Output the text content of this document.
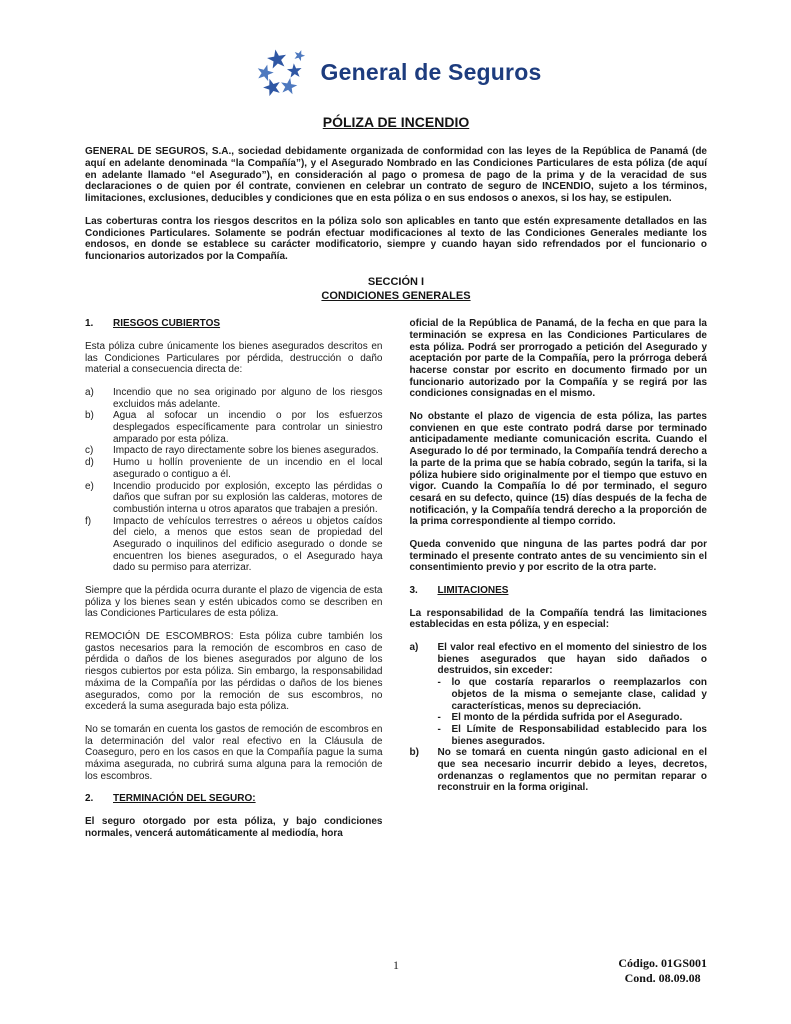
General de Seguros
PÓLIZA DE INCENDIO

GENERAL DE SEGUROS, S.A., sociedad debidamente organizada de conformidad con las leyes de la República de Panamá (de aquí en adelante denominada “la Compañía”), y el Asegurado Nombrado en las Condiciones Particulares de esta póliza (de aquí en adelante llamado “el Asegurado”), en consideración al pago o promesa de pago de la prima y de la veracidad de sus declaraciones o de quien por él contrate, convienen en celebrar un contrato de seguro de INCENDIO, sujeto a los términos, limitaciones, exclusiones, deducibles y condiciones que en esta póliza o en sus endosos o anexos, si los hay, se estipulen.

Las coberturas contra los riesgos descritos en la póliza solo son aplicables en tanto que estén expresamente detallados en las Condiciones Particulares. Solamente se podrán efectuar modificaciones al texto de las Condiciones Generales mediante los endosos, en donde se establece su carácter modificatorio, siempre y cuando hayan sido refrendados por el funcionario o funcionarios autorizados por la Compañía.

SECCIÓN I
CONDICIONES GENERALES
1.	RIESGOS CUBIERTOS

Esta póliza cubre únicamente los bienes asegurados descritos en las Condiciones Particulares por pérdida, destrucción o daño material a consecuencia directa de:

a)	Incendio que no sea originado por alguno de los riesgos excluidos más adelante.
b)	Agua al sofocar un incendio o por los esfuerzos desplegados específicamente para controlar un siniestro amparado por esta póliza.
c)	Impacto de rayo directamente sobre los bienes asegurados.
d)	Humo u hollín proveniente de un incendio en el local asegurado o contiguo a él.
e)	Incendio producido por explosión, excepto las pérdidas o daños que sufran por su explosión las calderas, motores de combustión interna u otros aparatos que trabajen a presión.
f)	Impacto de vehículos terrestres o aéreos u objetos caídos del cielo, a menos que estos sean de propiedad del Asegurado o inquilinos del edificio asegurado o donde se encuentren los bienes asegurados, o el Asegurado haya dado su permiso para aterrizar.

Siempre que la pérdida ocurra durante el plazo de vigencia de esta póliza y los bienes sean y estén ubicados como se describen en las Condiciones Particulares de esta póliza.

REMOCIÓN DE ESCOMBROS: Esta póliza cubre también los gastos necesarios para la remoción de escombros en caso de pérdida o daños de los bienes asegurados por alguno de los riesgos cubiertos por esta póliza. Sin embargo, la responsabilidad máxima de la Compañía por las pérdidas o daños de los bienes asegurados, como por la remoción de sus escombros, no excederá la suma asegurada bajo esta póliza.

No se tomarán en cuenta los gastos de remoción de escombros en la determinación del valor real efectivo en la Cláusula de Coaseguro, pero en los casos en que la Compañía pague la suma máxima asegurada, no cubrirá suma alguna para la remoción de los escombros.

2.	TERMINACIÓN DEL SEGURO:

El seguro otorgado por esta póliza, y bajo condiciones normales, vencerá automáticamente al mediodía, hora

oficial de la República de Panamá, de la fecha en que para la terminación se expresa en las Condiciones Particulares de esta póliza. Podrá ser prorrogado a petición del Asegurado y aceptación por parte de la Compañía, pero la prórroga deberá hacerse constar por escrito en documento firmado por un funcionario autorizado por la Compañía y se regirá por las condiciones consignadas en el mismo.

No obstante el plazo de vigencia de esta póliza, las partes convienen en que este contrato podrá darse por terminado anticipadamente mediante comunicación escrita. Cuando el Asegurado lo dé por terminado, la Compañía tendrá derecho a la parte de la prima que se había cobrado, según la tarifa, si la póliza hubiere sido originalmente por el tiempo que estuvo en vigor. Cuando la Compañía lo dé por terminado, el seguro cesará en su defecto, quince (15) días después de la fecha de notificación, y la Compañía tendrá derecho a la proporción de la prima correspondiente al tiempo corrido.

Queda convenido que ninguna de las partes podrá dar por terminado el presente contrato antes de su vencimiento sin el consentimiento previo y por escrito de la otra parte.

3.	LIMITACIONES

La responsabilidad de la Compañía tendrá las limitaciones establecidas en esta póliza, y en especial:

a)	El valor real efectivo en el momento del siniestro de los bienes asegurados que hayan sido dañados o destruidos, sin exceder:

-	lo que costaría repararlos o reemplazarlos con objetos de la misma o semejante clase, calidad y características, menos su depreciación.
-	El monto de la pérdida sufrida por el Asegurado.
-	El Límite de Responsabilidad establecido para los bienes asegurados.
b)	No se tomará en cuenta ningún gasto adicional en el que sea necesario incurrir debido a leyes, decretos, ordenanzas o reglamentos que no permitan reparar o reconstruir en la forma original.
1	Código. 01GS001
Cond. 08.09.08
